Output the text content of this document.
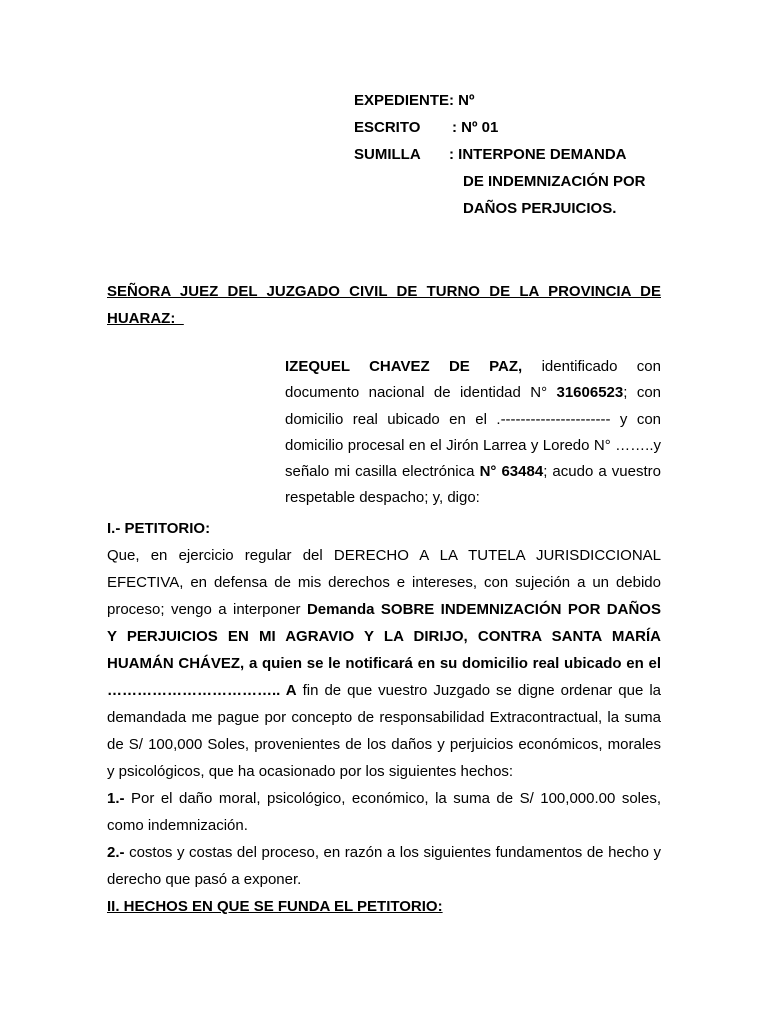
EXPEDIENTE: Nº
ESCRITO : Nº 01
SUMILLA : INTERPONE DEMANDA
DE INDEMNIZACIÓN POR
DAÑOS PERJUICIOS.
SEÑORA JUEZ DEL JUZGADO CIVIL DE TURNO DE LA PROVINCIA DE
HUARAZ:_
IZEQUEL CHAVEZ DE PAZ, identificado con
documento nacional de identidad N° 31606523; con
domicilio real ubicado en el .---------------------- y con
domicilio procesal en el Jirón Larrea y Loredo N° ……..y
señalo mi casilla electrónica N° 63484; acudo a vuestro
respetable despacho; y, digo:
I.- PETITORIO:
Que, en ejercicio regular del DERECHO A LA TUTELA JURISDICCIONAL
EFECTIVA, en defensa de mis derechos e intereses, con sujeción a un debido
proceso; vengo a interponer Demanda SOBRE INDEMNIZACIÓN POR DAÑOS
Y PERJUICIOS EN MI AGRAVIO Y LA DIRIJO, CONTRA SANTA MARÍA
HUAMÁN CHÁVEZ, a quien se le notificará en su domicilio real ubicado en el
…………………………….. A fin de que vuestro Juzgado se digne ordenar que la
demandada me pague por concepto de responsabilidad Extracontractual, la suma
de S/ 100,000 Soles, provenientes de los daños y perjuicios económicos, morales
y psicológicos, que ha ocasionado por los siguientes hechos:
1.- Por el daño moral, psicológico, económico, la suma de S/ 100,000.00 soles,
como indemnización.
2.- costos y costas del proceso, en razón a los siguientes fundamentos de hecho y
derecho que pasó a exponer.
II. HECHOS EN QUE SE FUNDA EL PETITORIO:
